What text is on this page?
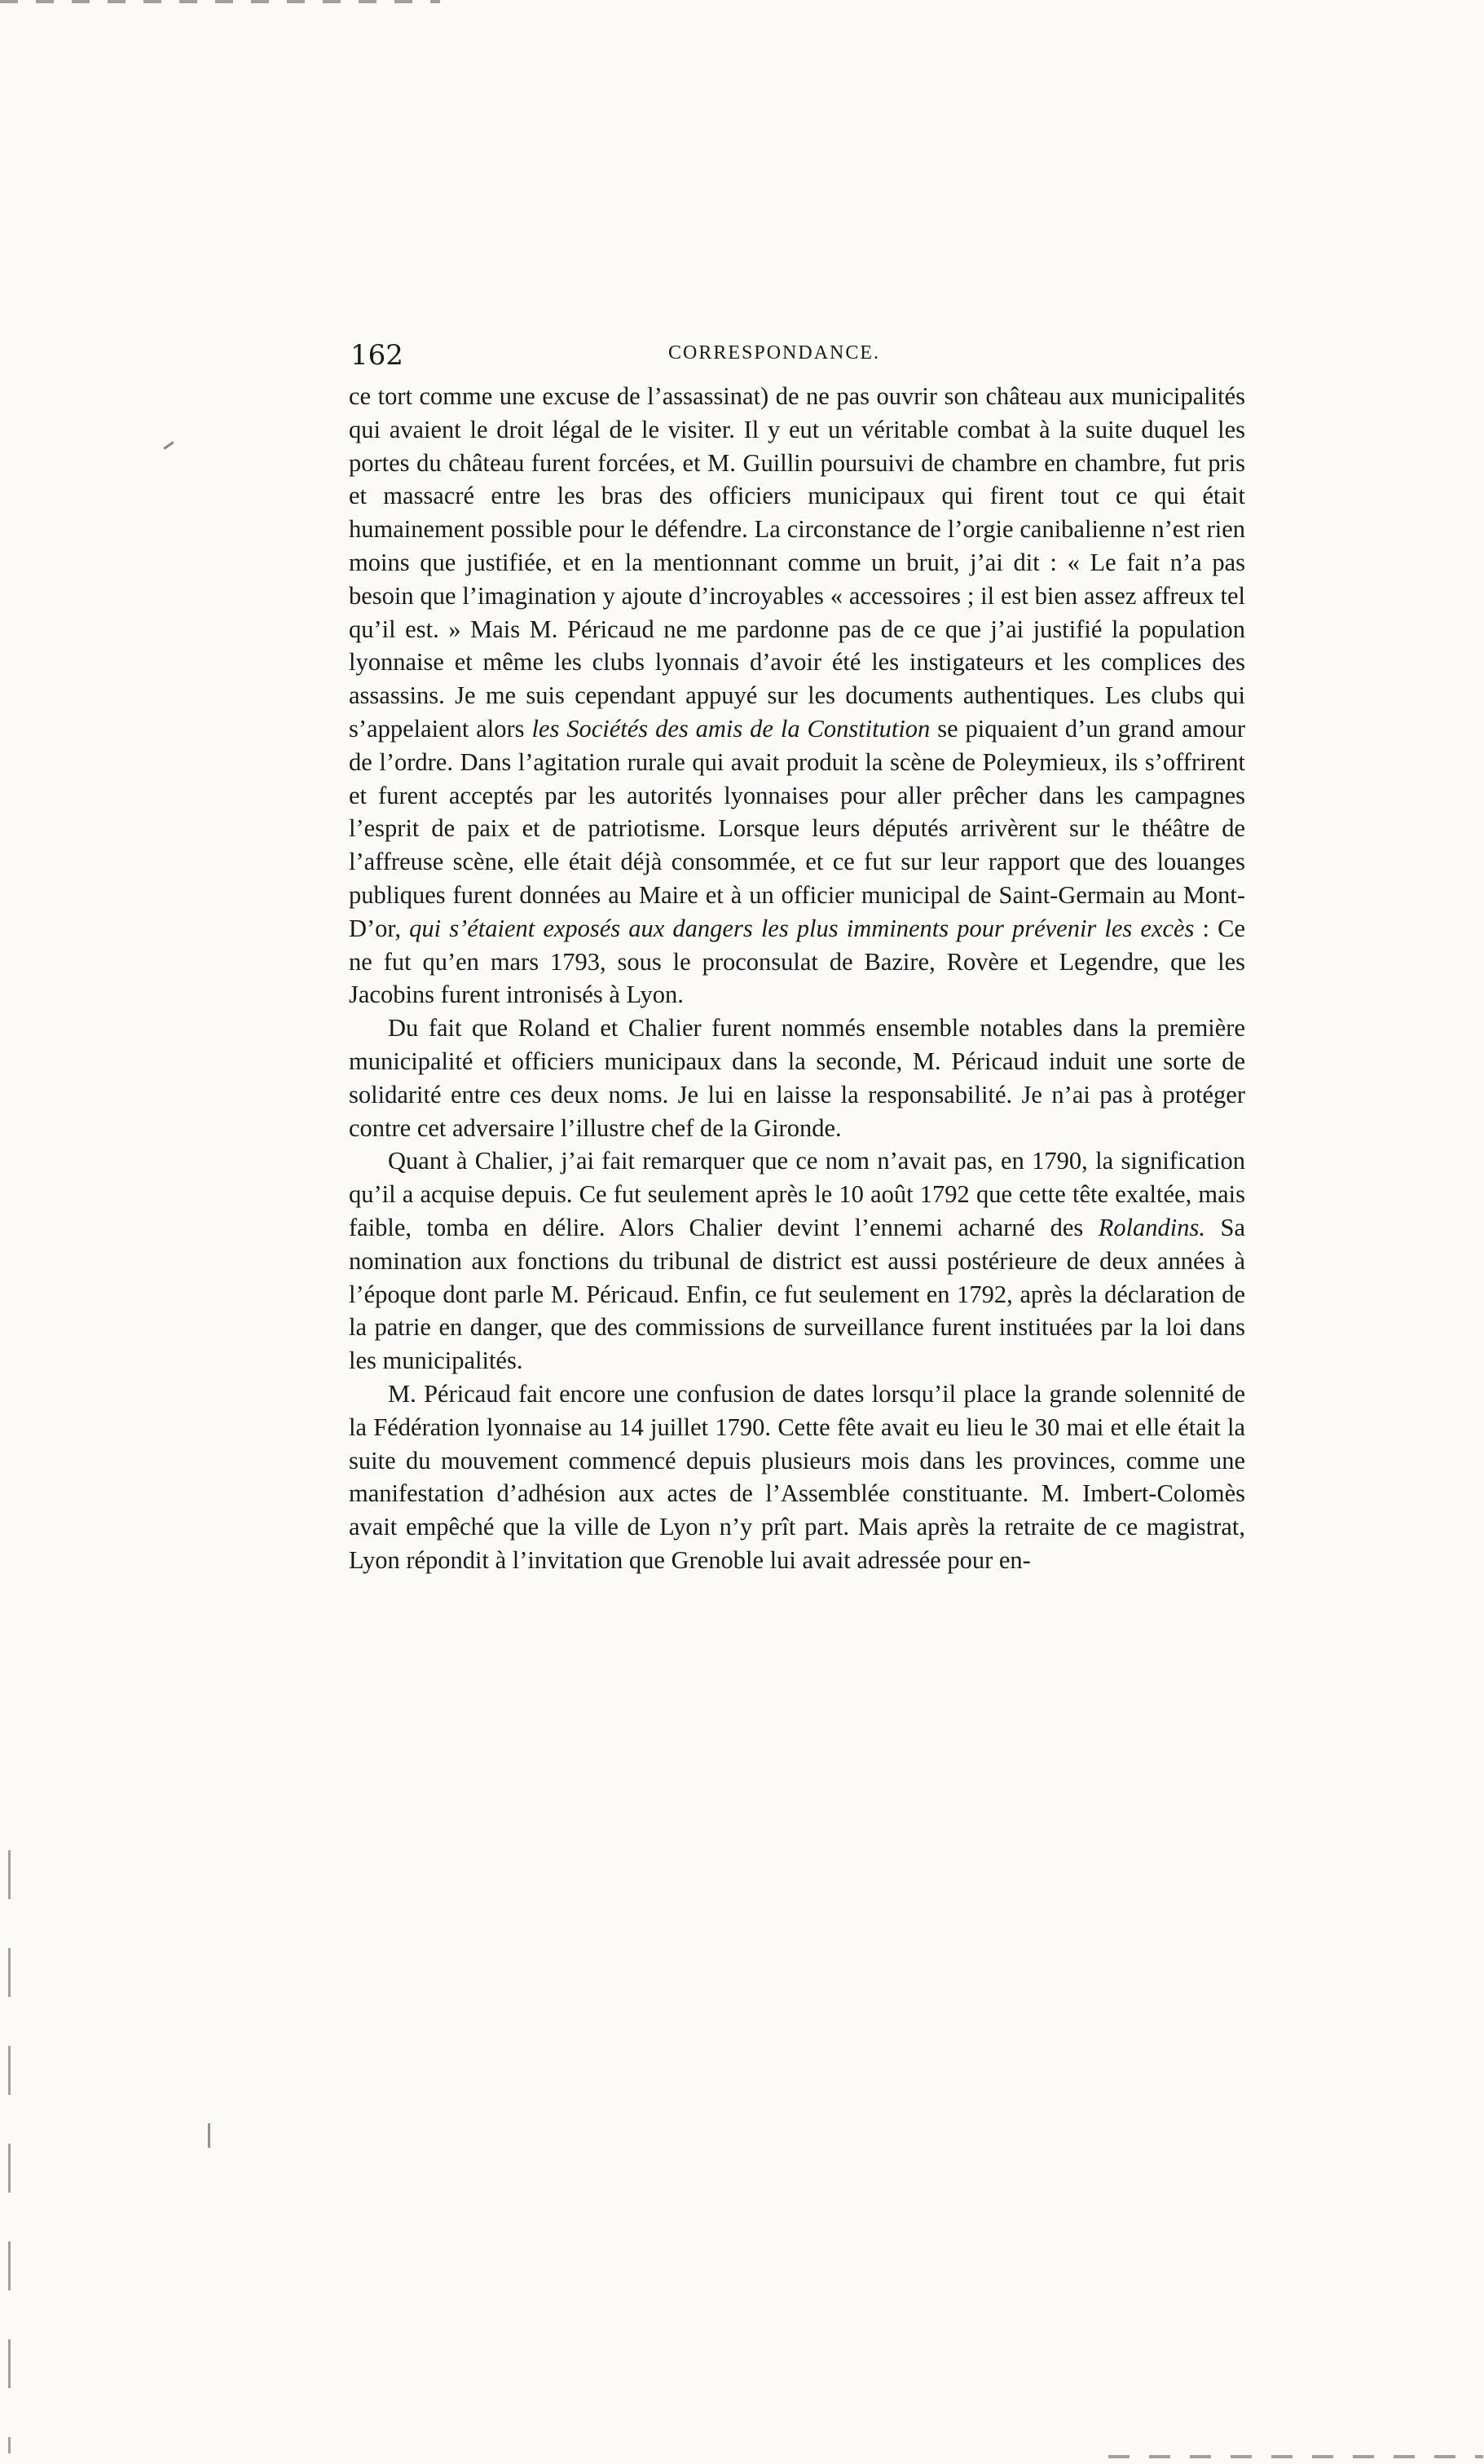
162	CORRESPONDANCE.

ce tort comme une excuse de l’assassinat) de ne pas ouvrir son château aux municipalités qui avaient le droit légal de le visiter. Il y eut un véritable combat à la suite duquel les portes du château furent forcées, et M. Guillin poursuivi de chambre en chambre, fut pris et massacré entre les bras des officiers municipaux qui firent tout ce qui était humainement possible pour le défendre. La circonstance de l’orgie canibalienne n’est rien moins que justifiée, et en la mentionnant comme un bruit, j’ai dit : « Le fait n’a pas besoin que l’imagination y ajoute d’incroyables « accessoires ; il est bien assez affreux tel qu’il est. » Mais M. Péricaud ne me pardonne pas de ce que j’ai justifié la population lyonnaise et même les clubs lyonnais d’avoir été les instigateurs et les complices des assassins. Je me suis cependant appuyé sur les documents authentiques. Les clubs qui s’appelaient alors les Sociétés des amis de la Constitution se piquaient d’un grand amour de l’ordre. Dans l’agitation rurale qui avait produit la scène de Poleymieux, ils s’offrirent et furent acceptés par les autorités lyonnaises pour aller prêcher dans les campagnes l’esprit de paix et de patriotisme. Lorsque leurs députés arrivèrent sur le théâtre de l’affreuse scène, elle était déjà consommée, et ce fut sur leur rapport que des louanges publiques furent données au Maire et à un officier municipal de Saint-Germain au Mont-D’or, qui s’étaient exposés aux dangers les plus imminents pour prévenir les excès : Ce ne fut qu’en mars 1793, sous le proconsulat de Bazire, Rovère et Legendre, que les Jacobins furent intronisés à Lyon.

Du fait que Roland et Chalier furent nommés ensemble notables dans la première municipalité et officiers municipaux dans la seconde, M. Péricaud induit une sorte de solidarité entre ces deux noms. Je lui en laisse la responsabilité. Je n’ai pas à protéger contre cet adversaire l’illustre chef de la Gironde.

Quant à Chalier, j’ai fait remarquer que ce nom n’avait pas, en 1790, la signification qu’il a acquise depuis. Ce fut seulement après le 10 août 1792 que cette tête exaltée, mais faible, tomba en délire. Alors Chalier devint l’ennemi acharné des Rolandins. Sa nomination aux fonctions du tribunal de district est aussi postérieure de deux années à l’époque dont parle M. Péricaud. Enfin, ce fut seulement en 1792, après la déclaration de la patrie en danger, que des commissions de surveillance furent instituées par la loi dans les municipalités.

M. Péricaud fait encore une confusion de dates lorsqu’il place la grande solennité de la Fédération lyonnaise au 14 juillet 1790. Cette fête avait eu lieu le 30 mai et elle était la suite du mouvement commencé depuis plusieurs mois dans les provinces, comme une manifestation d’adhésion aux actes de l’Assemblée constituante. M. Imbert-Colomès avait empêché que la ville de Lyon n’y prît part. Mais après la retraite de ce magistrat, Lyon répondit à l’invitation que Grenoble lui avait adressée pour en-
